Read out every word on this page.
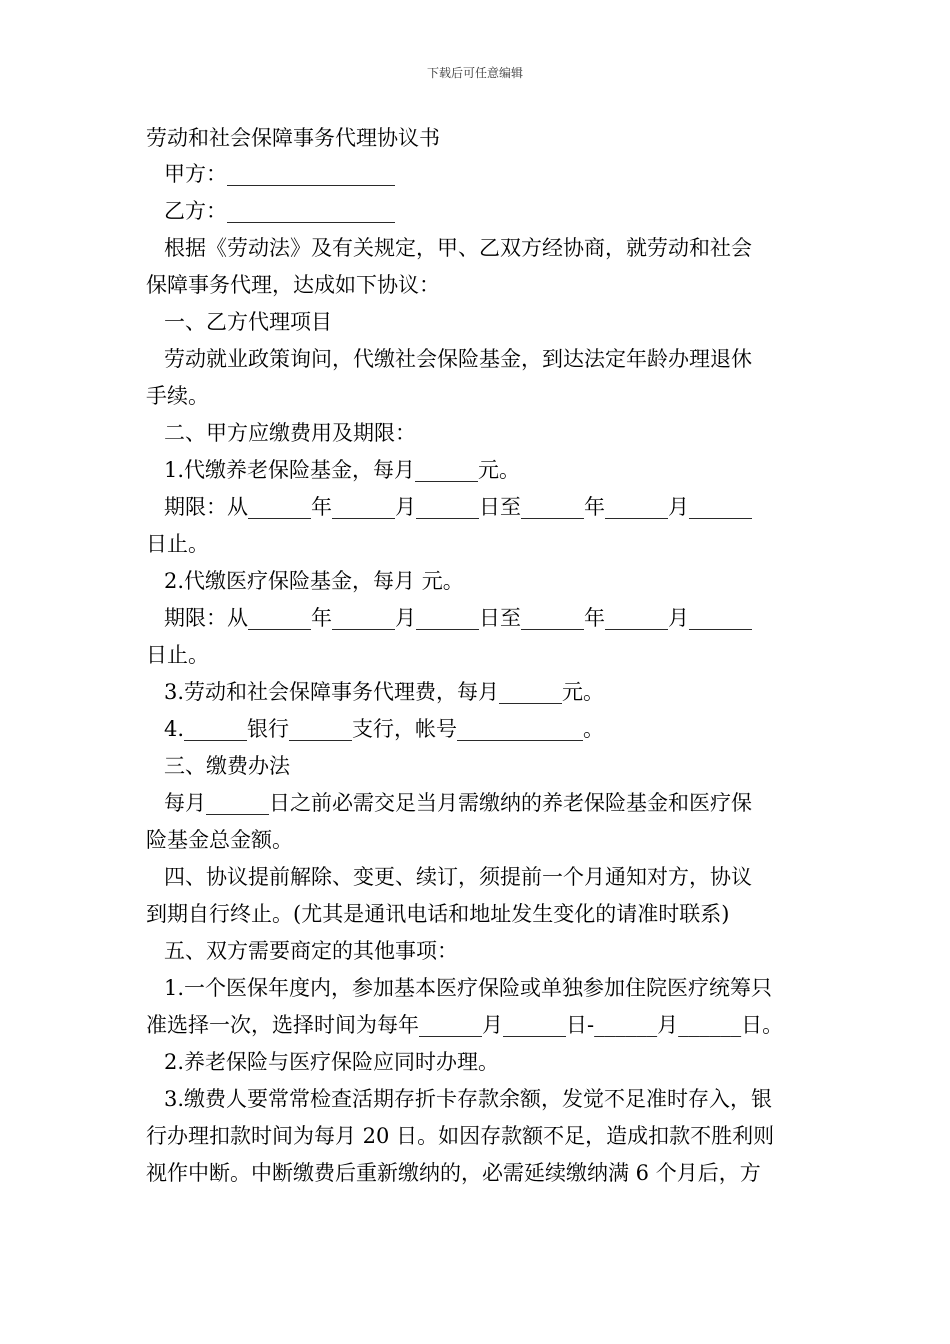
下载后可任意编辑
劳动和社会保障事务代理协议书
甲方：________________
乙方：________________
根据《劳动法》及有关规定，甲、乙双方经协商，就劳动和社会
保障事务代理，达成如下协议：
一、乙方代理项目
劳动就业政策询问，代缴社会保险基金，到达法定年龄办理退休
手续。
二、甲方应缴费用及期限：
1.代缴养老保险基金，每月______元。
期限：从______年______月______日至______年______月______
日止。
2.代缴医疗保险基金，每月 元。
期限：从______年______月______日至______年______月______
日止。
3.劳动和社会保障事务代理费，每月______元。
4.______银行______支行，帐号____________。
三、缴费办法
每月______日之前必需交足当月需缴纳的养老保险基金和医疗保
险基金总金额。
四、协议提前解除、变更、续订，须提前一个月通知对方，协议
到期自行终止。(尤其是通讯电话和地址发生变化的请准时联系)
五、双方需要商定的其他事项：
1.一个医保年度内，参加基本医疗保险或单独参加住院医疗统筹只
准选择一次，选择时间为每年______月______日-______月______日。
2.养老保险与医疗保险应同时办理。
3.缴费人要常常检查活期存折卡存款余额，发觉不足准时存入，银
行办理扣款时间为每月 20 日。如因存款额不足，造成扣款不胜利则
视作中断。中断缴费后重新缴纳的，必需延续缴纳满 6 个月后，方
